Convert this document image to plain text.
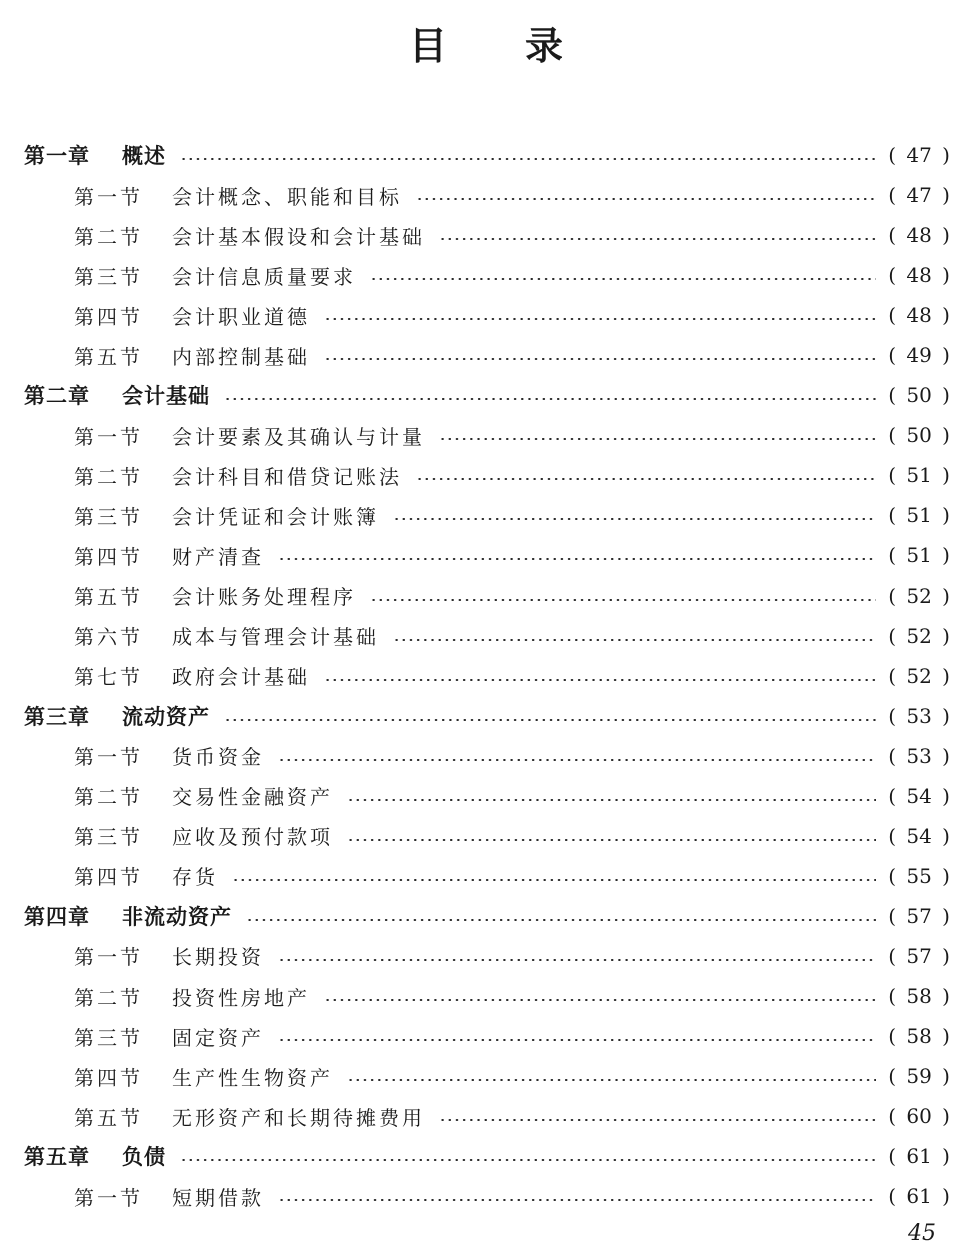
目录
第一章	概述	( 47 )
第一节	会计概念、职能和目标	( 47 )
第二节	会计基本假设和会计基础	( 48 )
第三节	会计信息质量要求	( 48 )
第四节	会计职业道德	( 48 )
第五节	内部控制基础	( 49 )
第二章	会计基础	( 50 )
第一节	会计要素及其确认与计量	( 50 )
第二节	会计科目和借贷记账法	( 51 )
第三节	会计凭证和会计账簿	( 51 )
第四节	财产清查	( 51 )
第五节	会计账务处理程序	( 52 )
第六节	成本与管理会计基础	( 52 )
第七节	政府会计基础	( 52 )
第三章	流动资产	( 53 )
第一节	货币资金	( 53 )
第二节	交易性金融资产	( 54 )
第三节	应收及预付款项	( 54 )
第四节	存货	( 55 )
第四章	非流动资产	( 57 )
第一节	长期投资	( 57 )
第二节	投资性房地产	( 58 )
第三节	固定资产	( 58 )
第四节	生产性生物资产	( 59 )
第五节	无形资产和长期待摊费用	( 60 )
第五章	负债	( 61 )
第一节	短期借款	( 61 )
45
